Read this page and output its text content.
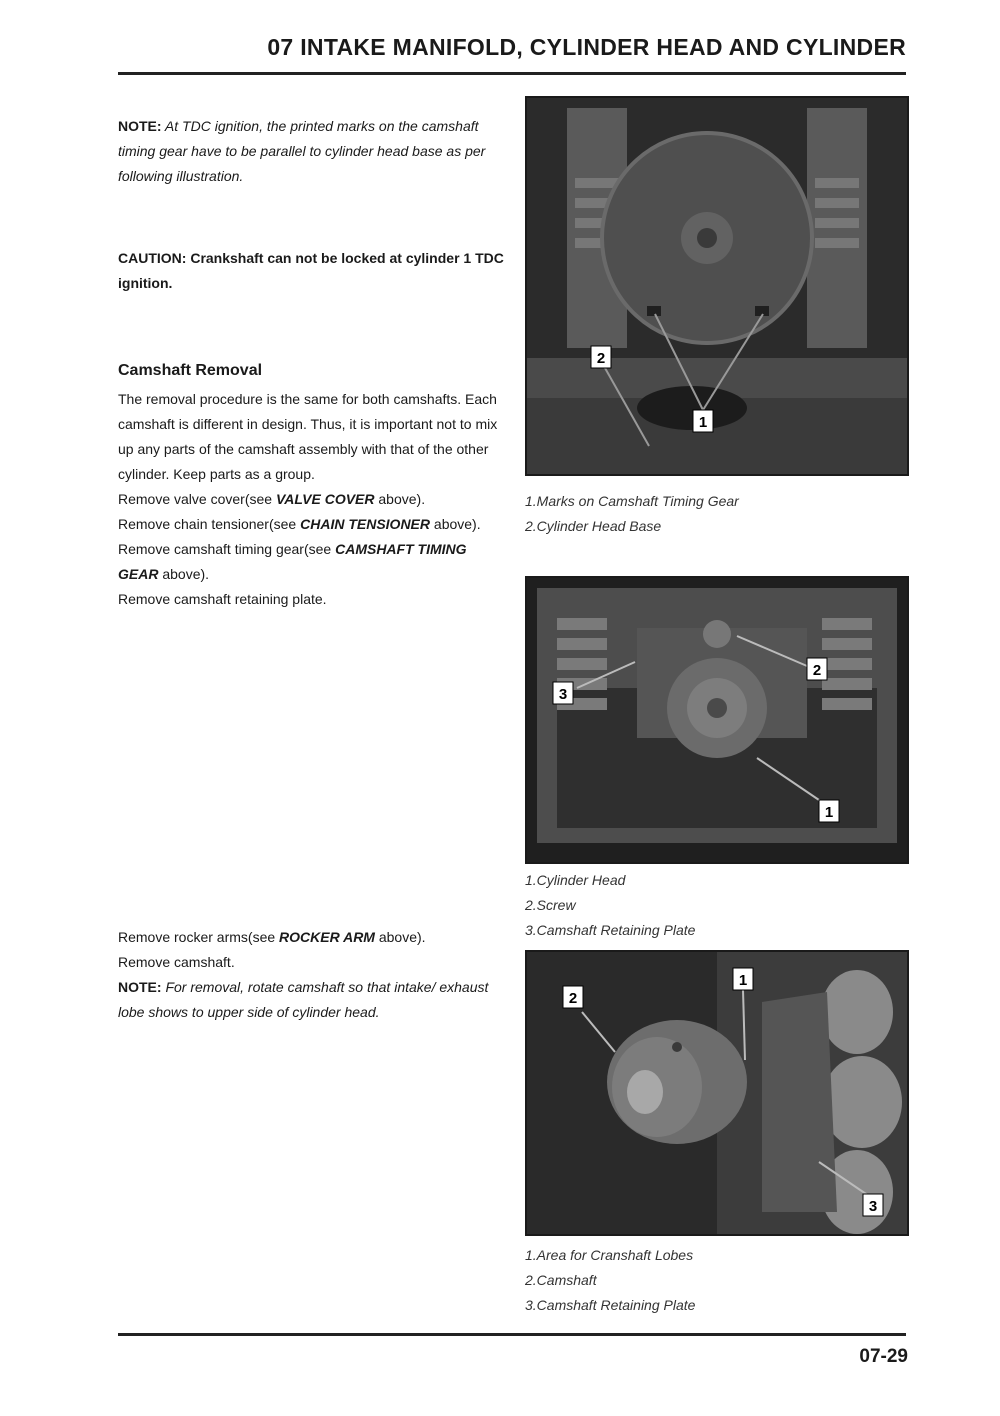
07 INTAKE MANIFOLD, CYLINDER HEAD AND CYLINDER

NOTE: At TDC ignition, the printed marks on the camshaft timing gear have to be parallel to cylinder head base as per following illustration.

CAUTION: Crankshaft can not be locked at cylinder 1 TDC ignition.

Camshaft Removal

The removal procedure is the same for both camshafts. Each camshaft is different in design. Thus, it is important not to mix up any parts of the camshaft assembly with that of the other cylinder. Keep parts as a group.

Remove valve cover(see VALVE COVER above).

Remove chain tensioner(see CHAIN TENSIONER above).

Remove camshaft timing gear(see CAMSHAFT TIMING GEAR above).

Remove camshaft retaining plate.

Remove rocker arms(see ROCKER ARM above).

Remove camshaft.

NOTE: For removal, rotate camshaft so that intake/ exhaust lobe shows to upper side of cylinder head.

1
2
1.Marks on Camshaft Timing Gear
2.Cylinder Head Base
1
2
3
1.Cylinder Head
2.Screw
3.Camshaft Retaining Plate
1
2
3
1.Area for Cranshaft Lobes
2.Camshaft
3.Camshaft Retaining Plate
07-29
